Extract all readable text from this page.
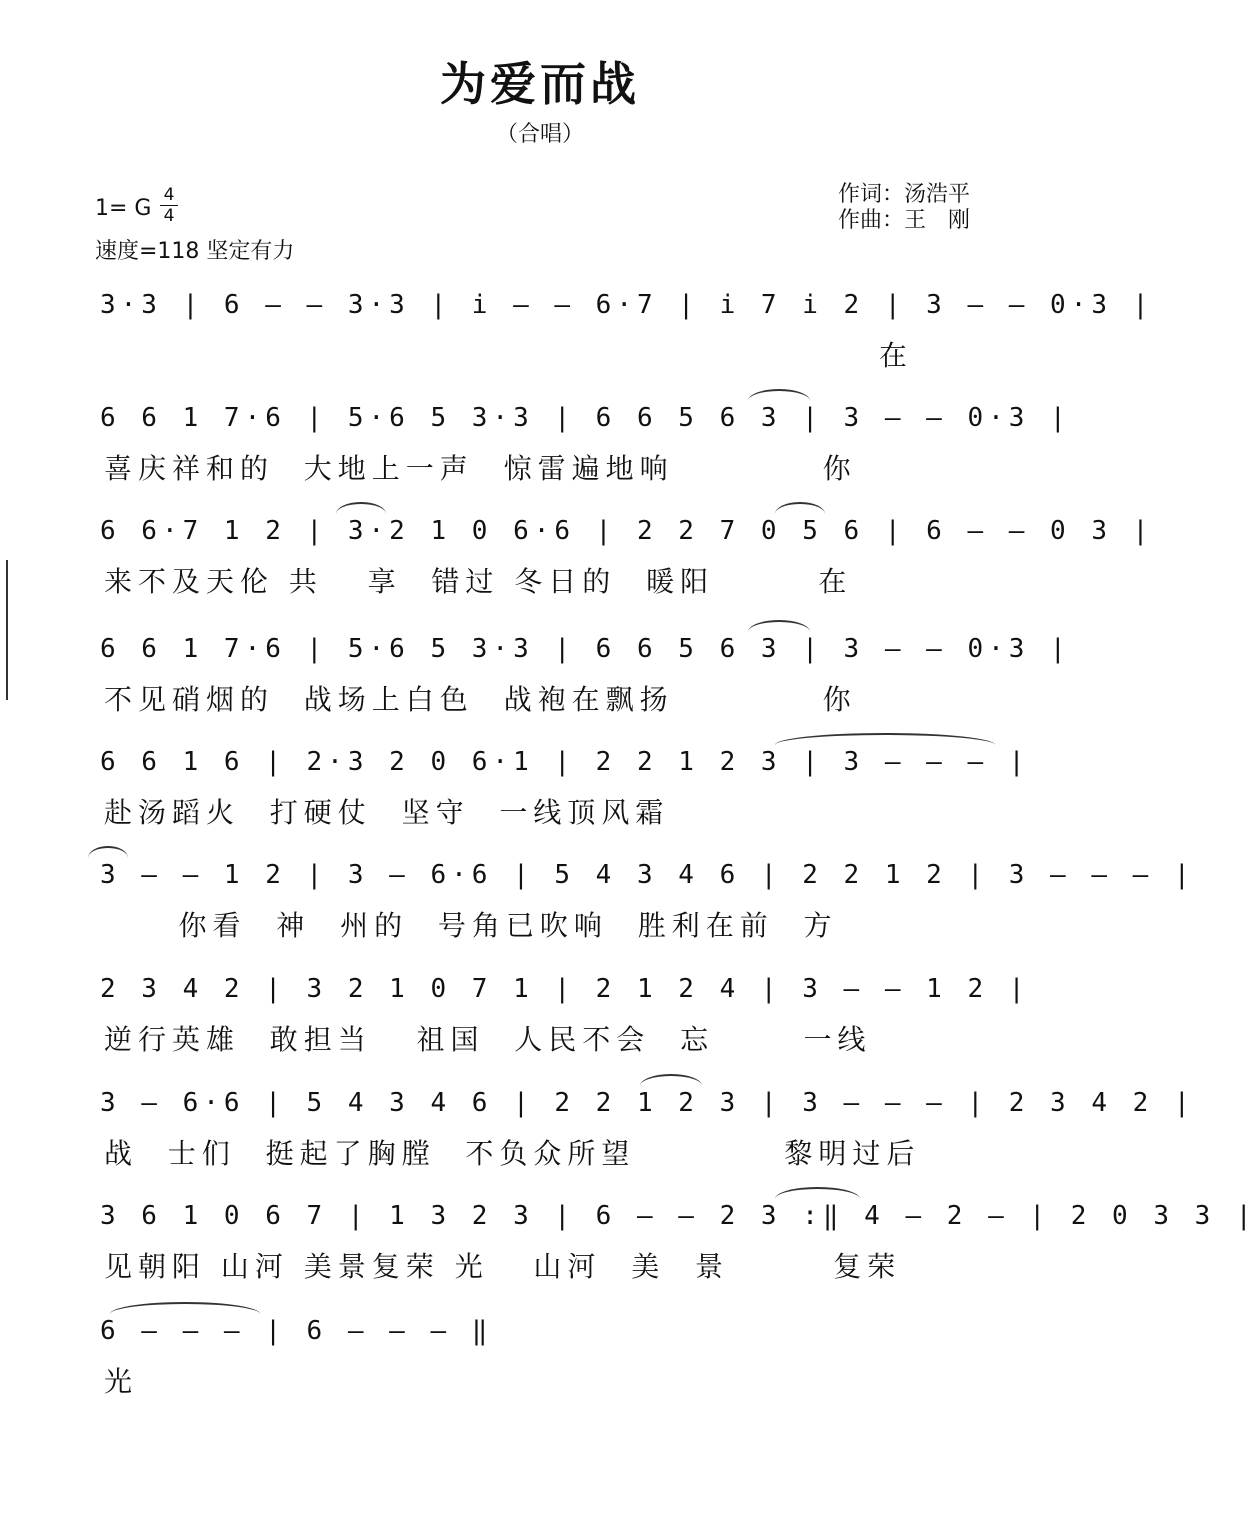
为爱而战
（合唱）
1= G
4
4
速度=118 坚定有力
作词：汤浩平
作曲：王　刚
3·3 | 6 — — 3·3 | i — — 6·7 | i 7 i 2 | 3 — — 0·3 |
在
6 6 1 7·6 | 5·6 5 3·3 | 6 6 5 6 3 | 3 — — 0·3 |
喜庆祥和的  大地上一声  惊雷遍地响          你
6 6·7 1 2 | 3·2 1 0 6·6 | 2 2 7 0 5 6 | 6 — — 0 3 |
来不及天伦 共   享  错过 冬日的  暖阳       在
6 6 1 7·6 | 5·6 5 3·3 | 6 6 5 6 3 | 3 — — 0·3 |
不见硝烟的  战场上白色  战袍在飘扬          你
6 6 1 6 | 2·3 2 0 6·1 | 2 2 1 2 3 | 3 — — — |
赴汤蹈火  打硬仗  坚守  一线顶风霜
3 — — 1 2 | 3 — 6·6 | 5 4 3 4 6 | 2 2 1 2 | 3 — — — |
你看  神  州的  号角已吹响  胜利在前  方
2 3 4 2 | 3 2 1 0 7 1 | 2 1 2 4 | 3 — — 1 2 |
逆行英雄  敢担当   祖国  人民不会  忘      一线
3 — 6·6 | 5 4 3 4 6 | 2 2 1 2 3 | 3 — — — | 2 3 4 2 |
战  士们  挺起了胸膛  不负众所望          黎明过后
3 6 1 0 6 7 | 1 3 2 3 | 6 — — 2 3 :‖ 4 — 2 — | 2 0 3 3 |
见朝阳 山河 美景复荣 光   山河  美  景       复荣
6 — — — | 6 — — — ‖
光
